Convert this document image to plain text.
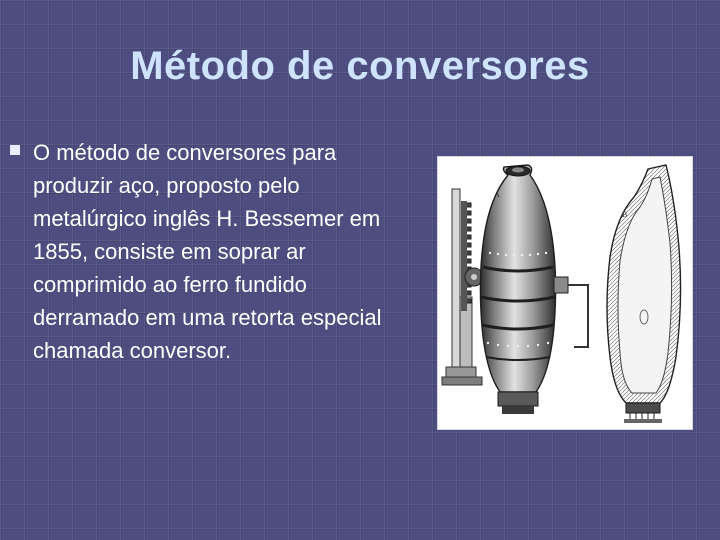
Método de conversores

O método de conversores para produzir aço, proposto pelo metalúrgico inglês H. Bessemer em 1855, consiste em soprar ar comprimido ao ferro fundido derramado em uma retorta especial chamada conversor.

A
B
